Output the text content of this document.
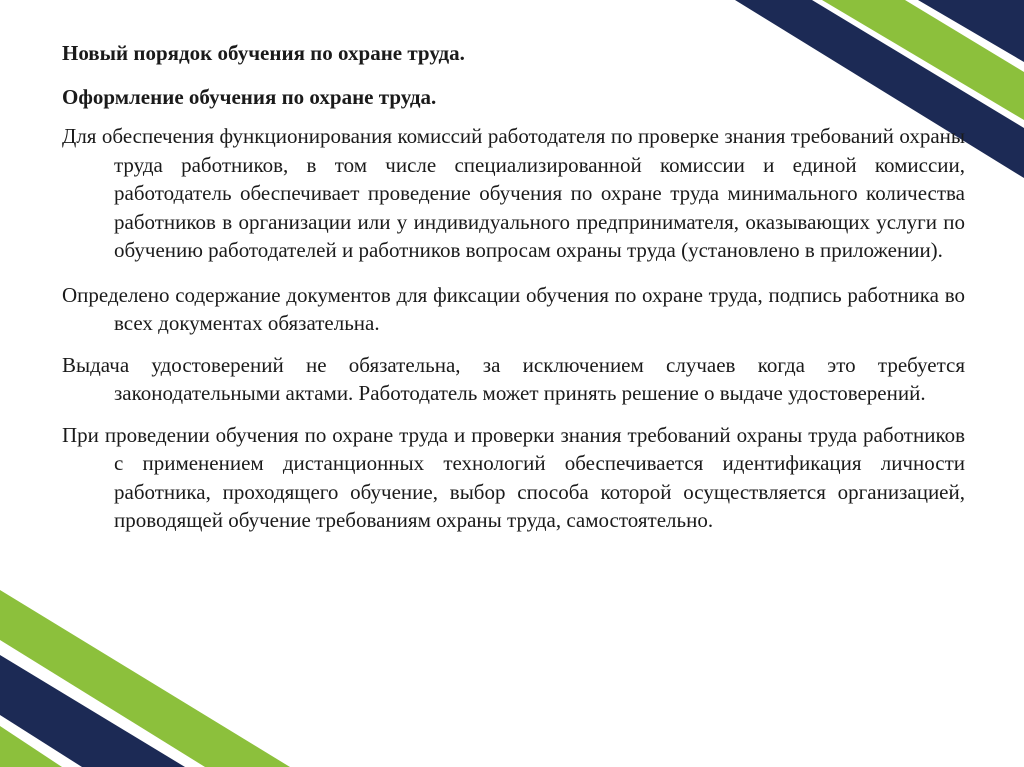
Новый порядок обучения по охране труда.

Оформление обучения по охране труда.

Для обеспечения функционирования комиссий работодателя по проверке знания требований охраны труда работников, в том числе специализированной комиссии и единой комиссии, работодатель обеспечивает проведение обучения по охране труда минимального количества работников в организации или у индивидуального предпринимателя, оказывающих услуги по обучению работодателей и работников вопросам охраны труда (установлено в приложении).

Определено содержание документов для фиксации обучения по охране труда, подпись работника во всех документах обязательна.

Выдача удостоверений не обязательна, за исключением случаев когда это требуется законодательными актами. Работодатель может принять решение о выдаче удостоверений.

При проведении обучения по охране труда и проверки знания требований охраны труда работников с применением дистанционных технологий обеспечивается идентификация личности работника, проходящего обучение, выбор способа которой осуществляется организацией, проводящей обучение требованиям охраны труда, самостоятельно.
